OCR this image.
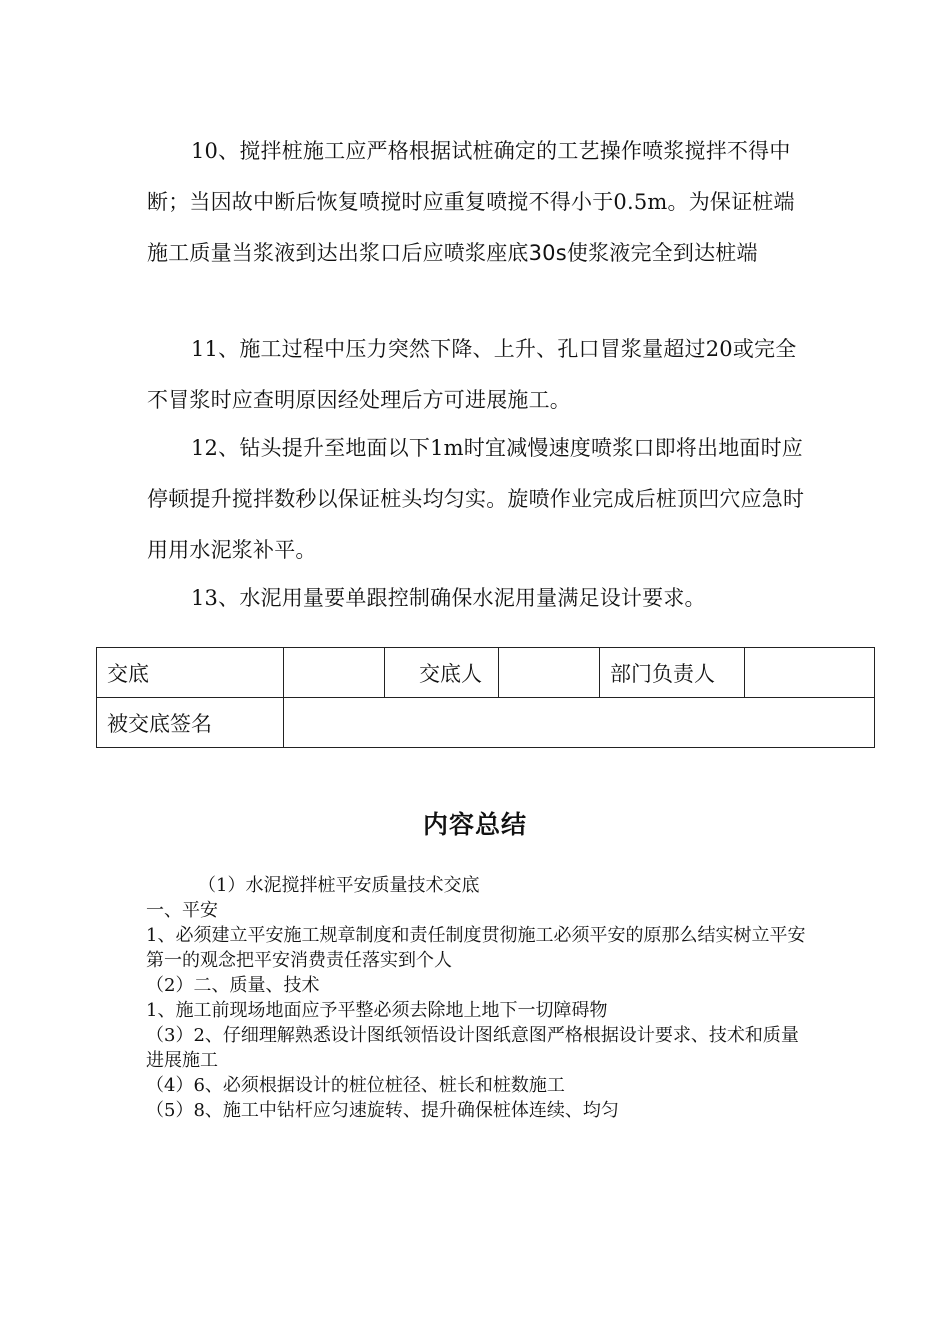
10、搅拌桩施工应严格根据试桩确定的工艺操作喷浆搅拌不得中断；当因故中断后恢复喷搅时应重复喷搅不得小于0.5m。为保证桩端施工质量当浆液到达出浆口后应喷浆座底30s使浆液完全到达桩端

11、施工过程中压力突然下降、上升、孔口冒浆量超过20或完全不冒浆时应查明原因经处理后方可进展施工。

12、钻头提升至地面以下1m时宜减慢速度喷浆口即将出地面时应停顿提升搅拌数秒以保证桩头均匀实。旋喷作业完成后桩顶凹穴应急时用用水泥浆补平。

13、水泥用量要单跟控制确保水泥用量满足设计要求。

交底		交底人		部门负责人	
被交底签名					
内容总结

（1）水泥搅拌桩平安质量技术交底

一、平安

1、必须建立平安施工规章制度和责任制度贯彻施工必须平安的原那么结实树立平安第一的观念把平安消费责任落实到个人

（2）二、质量、技术

1、施工前现场地面应予平整必须去除地上地下一切障碍物

（3）2、仔细理解熟悉设计图纸领悟设计图纸意图严格根据设计要求、技术和质量进展施工

（4）6、必须根据设计的桩位桩径、桩长和桩数施工

（5）8、施工中钻杆应匀速旋转、提升确保桩体连续、均匀
